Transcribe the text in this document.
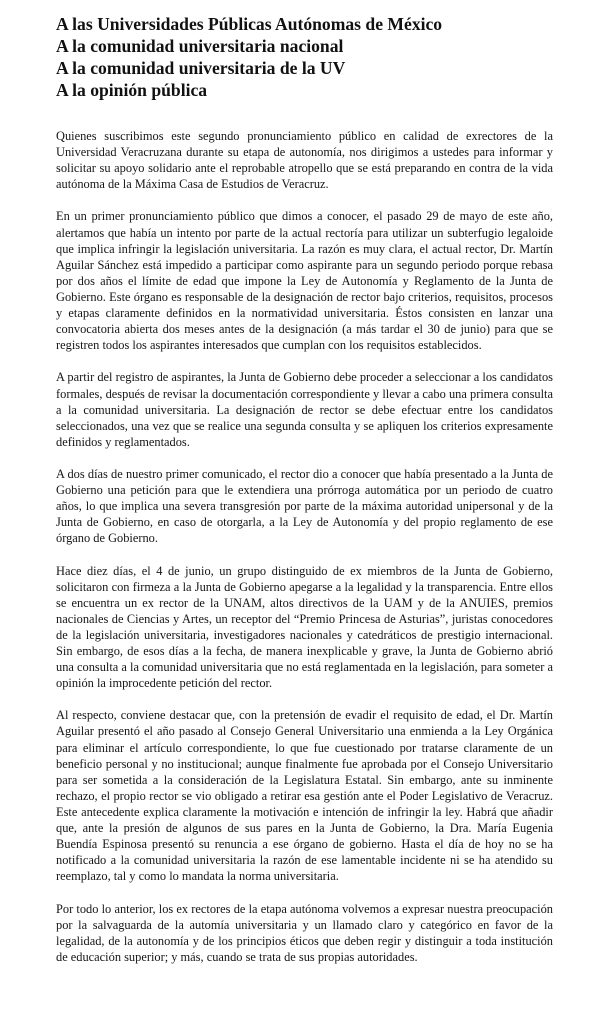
A las Universidades Públicas Autónomas de México
A la comunidad universitaria nacional
A la comunidad universitaria de la UV
A la opinión pública

Quienes suscribimos este segundo pronunciamiento público en calidad de exrectores de la Universidad Veracruzana durante su etapa de autonomía, nos dirigimos a ustedes para informar y solicitar su apoyo solidario ante el reprobable atropello que se está preparando en contra de la vida autónoma de la Máxima Casa de Estudios de Veracruz.

En un primer pronunciamiento público que dimos a conocer, el pasado 29 de mayo de este año, alertamos que había un intento por parte de la actual rectoría para utilizar un subterfugio legaloide que implica infringir la legislación universitaria. La razón es muy clara, el actual rector, Dr. Martín Aguilar Sánchez está impedido a participar como aspirante para un segundo periodo porque rebasa por dos años el límite de edad que impone la Ley de Autonomía y Reglamento de la Junta de Gobierno. Este órgano es responsable de la designación de rector bajo criterios, requisitos, procesos y etapas claramente definidos en la normatividad universitaria. Éstos consisten en lanzar una convocatoria abierta dos meses antes de la designación (a más tardar el 30 de junio) para que se registren todos los aspirantes interesados que cumplan con los requisitos establecidos.

A partir del registro de aspirantes, la Junta de Gobierno debe proceder a seleccionar a los candidatos formales, después de revisar la documentación correspondiente y llevar a cabo una primera consulta a la comunidad universitaria. La designación de rector se debe efectuar entre los candidatos seleccionados, una vez que se realice una segunda consulta y se apliquen los criterios expresamente definidos y reglamentados.

A dos días de nuestro primer comunicado, el rector dio a conocer que había presentado a la Junta de Gobierno una petición para que le extendiera una prórroga automática por un periodo de cuatro años, lo que implica una severa transgresión por parte de la máxima autoridad unipersonal y de la Junta de Gobierno, en caso de otorgarla, a la Ley de Autonomía y del propio reglamento de ese órgano de Gobierno.

Hace diez días, el 4 de junio, un grupo distinguido de ex miembros de la Junta de Gobierno, solicitaron con firmeza a la Junta de Gobierno apegarse a la legalidad y la transparencia. Entre ellos se encuentra un ex rector de la UNAM, altos directivos de la UAM y de la ANUIES, premios nacionales de Ciencias y Artes, un receptor del “Premio Princesa de Asturias”, juristas conocedores de la legislación universitaria, investigadores nacionales y catedráticos de prestigio internacional. Sin embargo, de esos días a la fecha, de manera inexplicable y grave, la Junta de Gobierno abrió una consulta a la comunidad universitaria que no está reglamentada en la legislación, para someter a opinión la improcedente petición del rector.

Al respecto, conviene destacar que, con la pretensión de evadir el requisito de edad, el Dr. Martín Aguilar presentó el año pasado al Consejo General Universitario una enmienda a la Ley Orgánica para eliminar el artículo correspondiente, lo que fue cuestionado por tratarse claramente de un beneficio personal y no institucional; aunque finalmente fue aprobada por el Consejo Universitario para ser sometida a la consideración de la Legislatura Estatal. Sin embargo, ante su inminente rechazo, el propio rector se vio obligado a retirar esa gestión ante el Poder Legislativo de Veracruz. Este antecedente explica claramente la motivación e intención de infringir la ley. Habrá que añadir que, ante la presión de algunos de sus pares en la Junta de Gobierno, la Dra. María Eugenia Buendía Espinosa presentó su renuncia a ese órgano de gobierno. Hasta el día de hoy no se ha notificado a la comunidad universitaria la razón de ese lamentable incidente ni se ha atendido su reemplazo, tal y como lo mandata la norma universitaria.

Por todo lo anterior, los ex rectores de la etapa autónoma volvemos a expresar nuestra preocupación por la salvaguarda de la automía universitaria y un llamado claro y categórico en favor de la legalidad, de la autonomía y de los principios éticos que deben regir y distinguir a toda institución de educación superior; y más, cuando se trata de sus propias autoridades.
